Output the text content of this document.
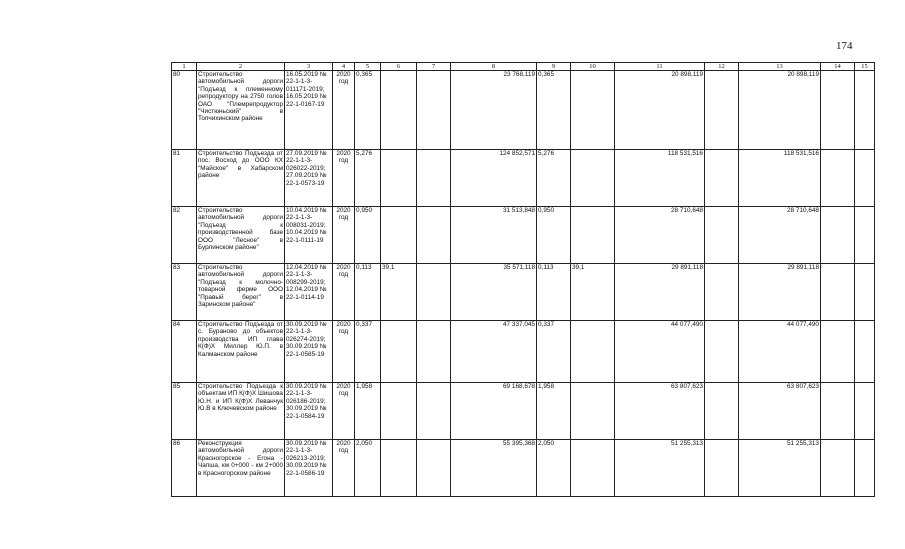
174
1	2	3	4	5	6	7	8	9	10	11	12	13	14	15
80	Строительство автомобильной дороги "Подъезд к племенному репродуктору на 2750 голов ОАО "Племрепродуктор "Чистюньский" в Топчихинском районе	16.05.2019 № 22-1-1-3-011171-2019; 16.05.2019 № 22-1-0167-19	2020 год	0,365			23 768,119	0,365		20 898,119		20 898,119		
81	Строительство Подъезда от пос. Восход до ООО КХ "Майское" в Хабарском районе	27.09.2019 № 22-1-1-3-026022-2019; 27.09.2019 № 22-1-0573-19	2020 год	5,276			124 852,571	5,276		118 531,516		118 531,516		
82	Строительство автомобильной дороги "Подъезд к производственной базе ООО "Лесное" в Бурлинском районе"	10.04.2019 № 22-1-1-3-008031-2019; 10.04.2019 № 22-1-0111-19	2020 год	0,950			31 513,848	0,950		28 710,648		28 710,648		
83	Строительство автомобильной дороги "Подъезд к молочно-товарной ферме ООО "Правый берег" в Заринском районе"	12.04.2019 № 22-1-1-3-008299-2019; 12.04.2019 № 22-1-0114-19	2020 год	0,113	39,1		35 571,118	0,113	39,1	29 891,118		29 891,118		
84	Строительство Подъезда от с. Бураново до объектов производства ИП глава К(Ф)Х Миллер Ю.П. в Калманском районе	30.09.2019 № 22-1-1-3-026274-2019; 30.09.2019 № 22-1-0585-19	2020 год	0,337			47 337,045	0,337		44 077,490		44 077,490		
85	Строительство Подъезда к объектам ИП К(Ф)Х Шишова Ю.Н. и ИП К(Ф)Х Леванчук Ю.В в Ключевском районе	30.09.2019 № 22-1-1-3-026186-2019; 30.09.2019 № 22-1-0584-19	2020 год	1,958			69 168,678	1,958		63 807,623		63 807,623		
86	Реконструкция автомобильной дороги Красногорское - Егона - Чапша, км 0+000 - км 2+000 в Красногорском районе	30.09.2019 № 22-1-1-3-026213-2019; 30.09.2019 № 22-1-0586-19	2020 год	2,050			55 395,368	2,050		51 255,313		51 255,313		
